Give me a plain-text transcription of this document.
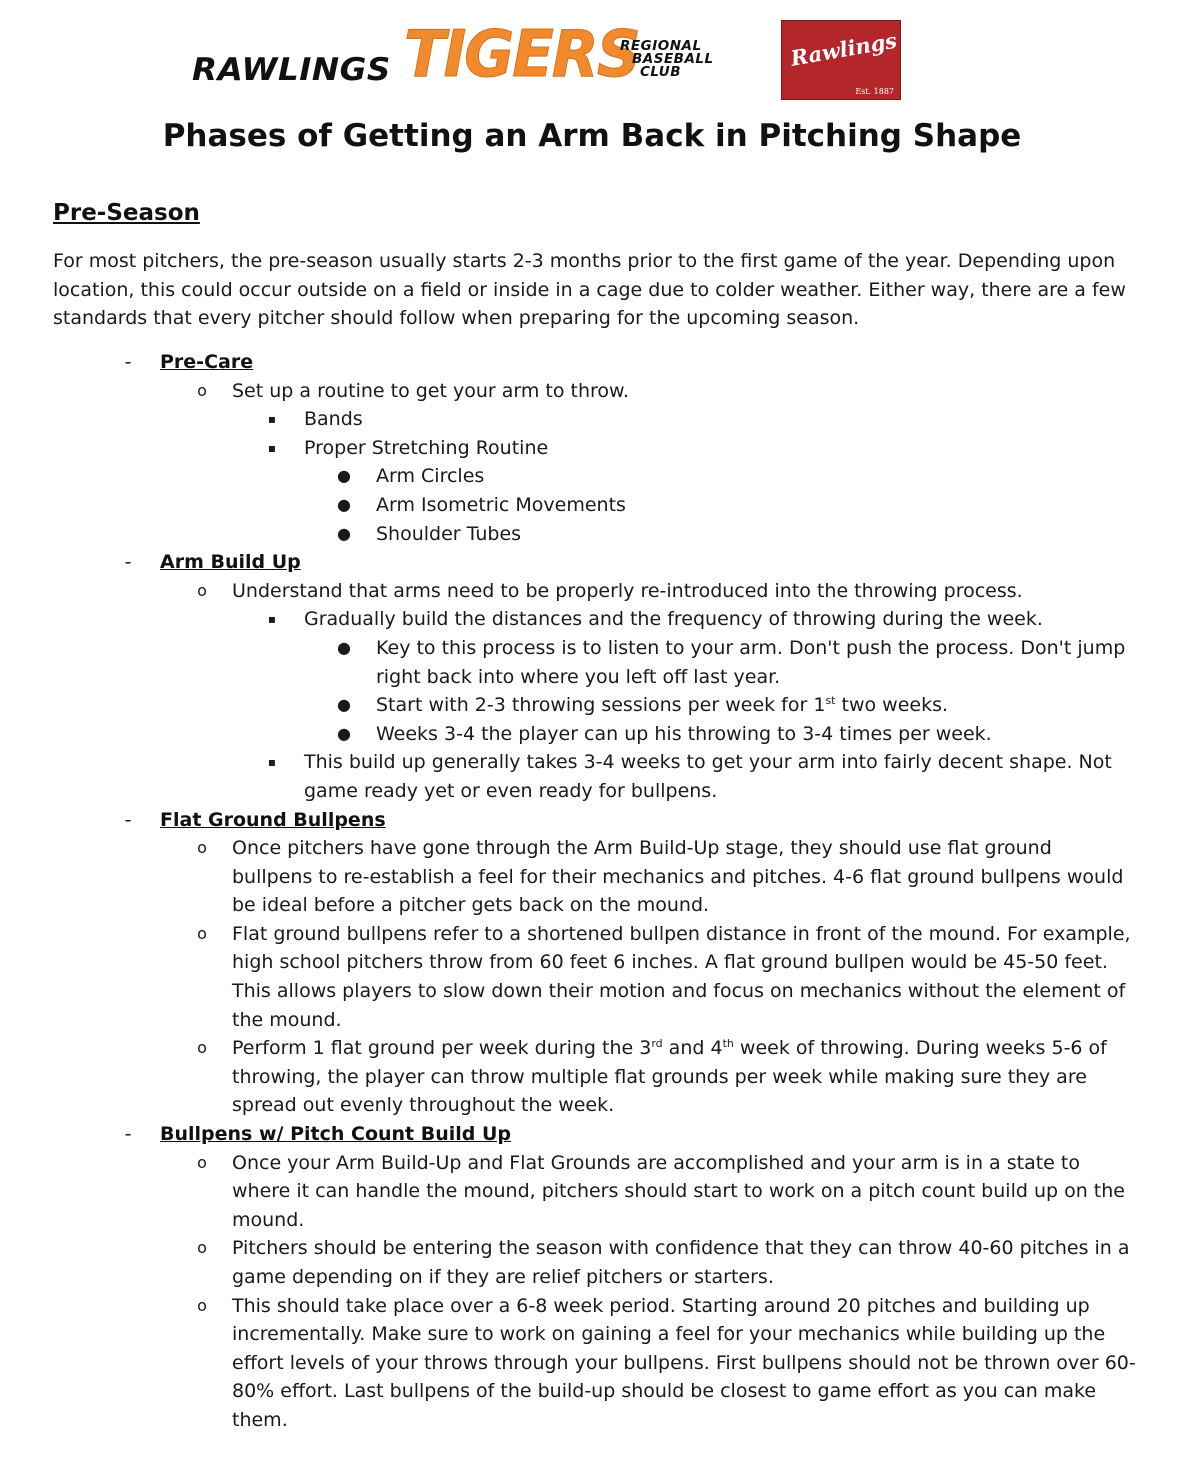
RAWLINGS TIGERS
REGIONAL
BASEBALL
CLUB
Rawlings
Est. 1887
Phases of Getting an Arm Back in Pitching Shape
Pre-Season

For most pitchers, the pre-season usually starts 2-3 months prior to the first game of the year. Depending upon location, this could occur outside on a field or inside in a cage due to colder weather. Either way, there are a few standards that every pitcher should follow when preparing for the upcoming season.

-	Pre-Care
o	Set up a routine to get your arm to throw.
▪	Bands
▪	Proper Stretching Routine
● Arm Circles
● Arm Isometric Movements
● Shoulder Tubes
-	Arm Build Up
o	Understand that arms need to be properly re-introduced into the throwing process.
▪	Gradually build the distances and the frequency of throwing during the week.
● Key to this process is to listen to your arm. Don't push the process. Don't jump right back into where you left off last year.
● Start with 2-3 throwing sessions per week for 1st two weeks.
● Weeks 3-4 the player can up his throwing to 3-4 times per week.
▪	This build up generally takes 3-4 weeks to get your arm into fairly decent shape. Not game ready yet or even ready for bullpens.
-	Flat Ground Bullpens
o	Once pitchers have gone through the Arm Build-Up stage, they should use flat ground bullpens to re-establish a feel for their mechanics and pitches. 4-6 flat ground bullpens would be ideal before a pitcher gets back on the mound.
o	Flat ground bullpens refer to a shortened bullpen distance in front of the mound. For example, high school pitchers throw from 60 feet 6 inches. A flat ground bullpen would be 45-50 feet. This allows players to slow down their motion and focus on mechanics without the element of the mound.
o	Perform 1 flat ground per week during the 3rd and 4th week of throwing. During weeks 5-6 of throwing, the player can throw multiple flat grounds per week while making sure they are spread out evenly throughout the week.
-	Bullpens w/ Pitch Count Build Up
o	Once your Arm Build-Up and Flat Grounds are accomplished and your arm is in a state to where it can handle the mound, pitchers should start to work on a pitch count build up on the mound.
o	Pitchers should be entering the season with confidence that they can throw 40-60 pitches in a game depending on if they are relief pitchers or starters.
o	This should take place over a 6-8 week period. Starting around 20 pitches and building up incrementally. Make sure to work on gaining a feel for your mechanics while building up the effort levels of your throws through your bullpens. First bullpens should not be thrown over 60-80% effort. Last bullpens of the build-up should be closest to game effort as you can make them.
